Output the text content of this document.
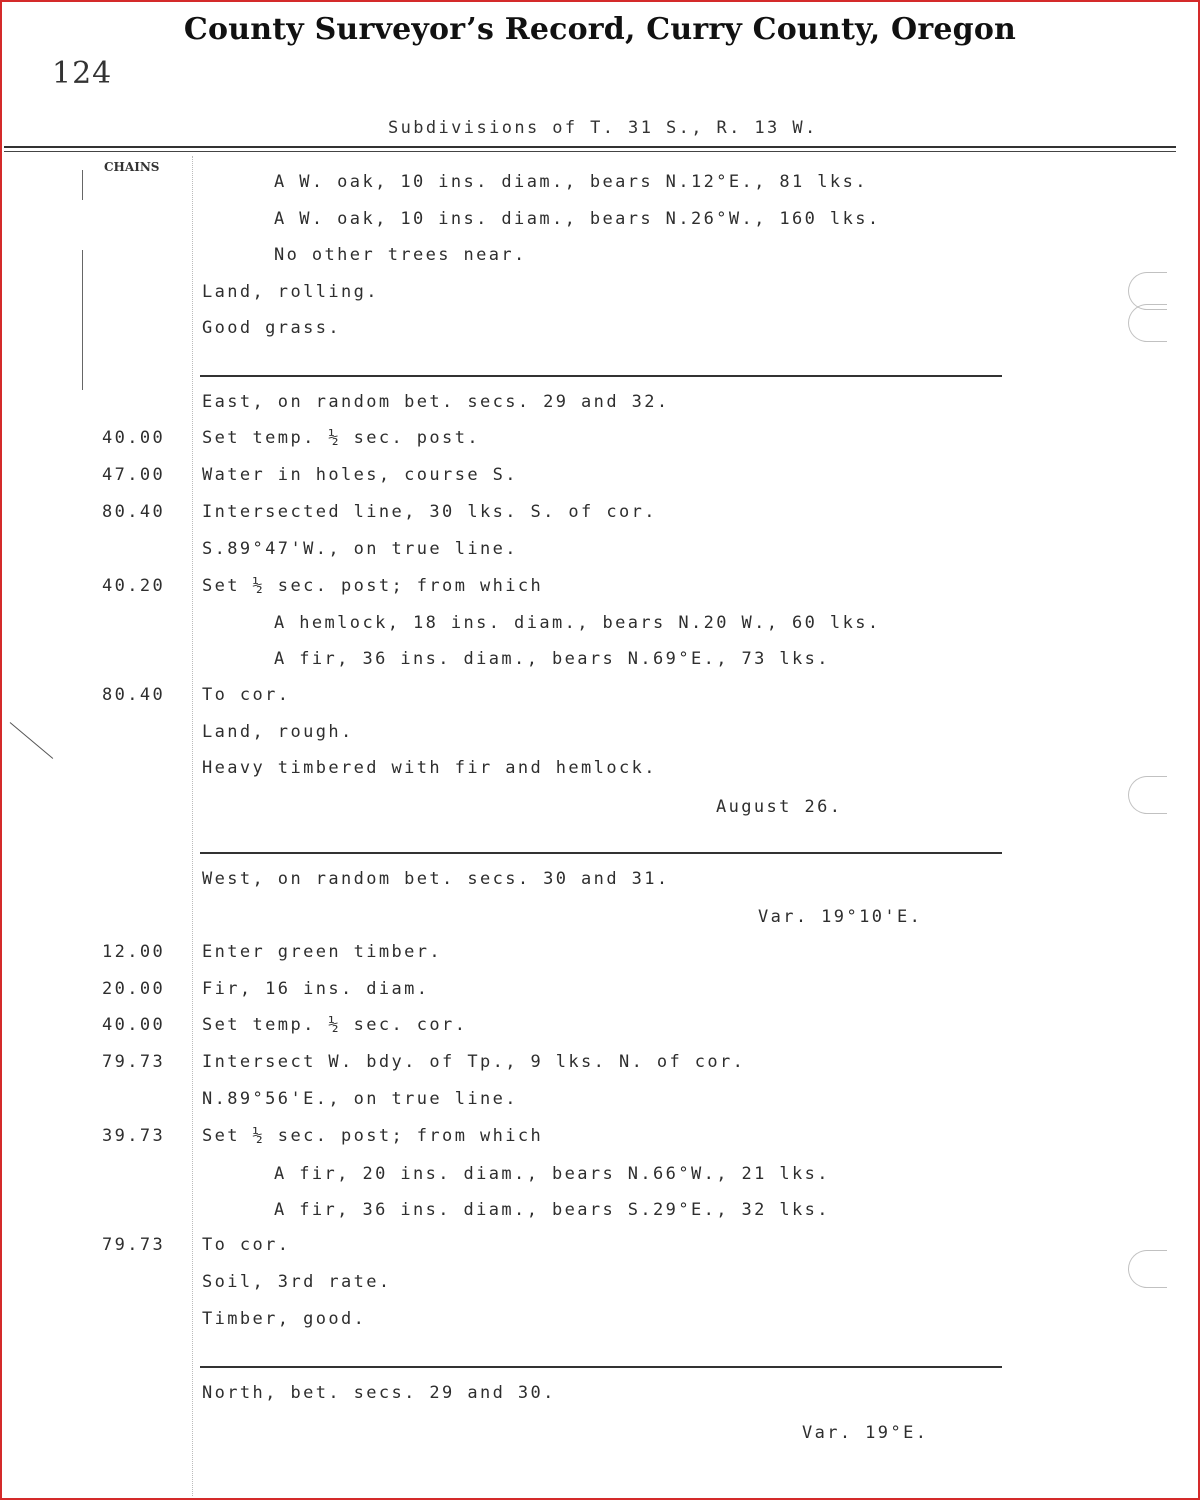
County Surveyor’s Record, Curry County, Oregon
124
Subdivisions of T. 31 S., R. 13 W.
CHAINS
A W. oak, 10 ins. diam., bears N.12°E., 81 lks.
A W. oak, 10 ins. diam., bears N.26°W., 160 lks.
No other trees near.
Land, rolling.
Good grass.
East, on random bet. secs. 29 and 32.
40.00 Set temp. ½ sec. post.
47.00 Water in holes, course S.
80.40 Intersected line, 30 lks. S. of cor.
S.89°47'W., on true line.
40.20 Set ½ sec. post; from which
A hemlock, 18 ins. diam., bears N.20 W., 60 lks.
A fir, 36 ins. diam., bears N.69°E., 73 lks.
80.40 To cor.
Land, rough.
Heavy timbered with fir and hemlock.
August 26.
West, on random bet. secs. 30 and 31.
Var. 19°10'E.
12.00 Enter green timber.
20.00 Fir, 16 ins. diam.
40.00 Set temp. ½ sec. cor.
79.73 Intersect W. bdy. of Tp., 9 lks. N. of cor.
N.89°56'E., on true line.
39.73 Set ½ sec. post; from which
A fir, 20 ins. diam., bears N.66°W., 21 lks.
A fir, 36 ins. diam., bears S.29°E., 32 lks.
79.73 To cor.
Soil, 3rd rate.
Timber, good.
North, bet. secs. 29 and 30.
Var. 19°E.
